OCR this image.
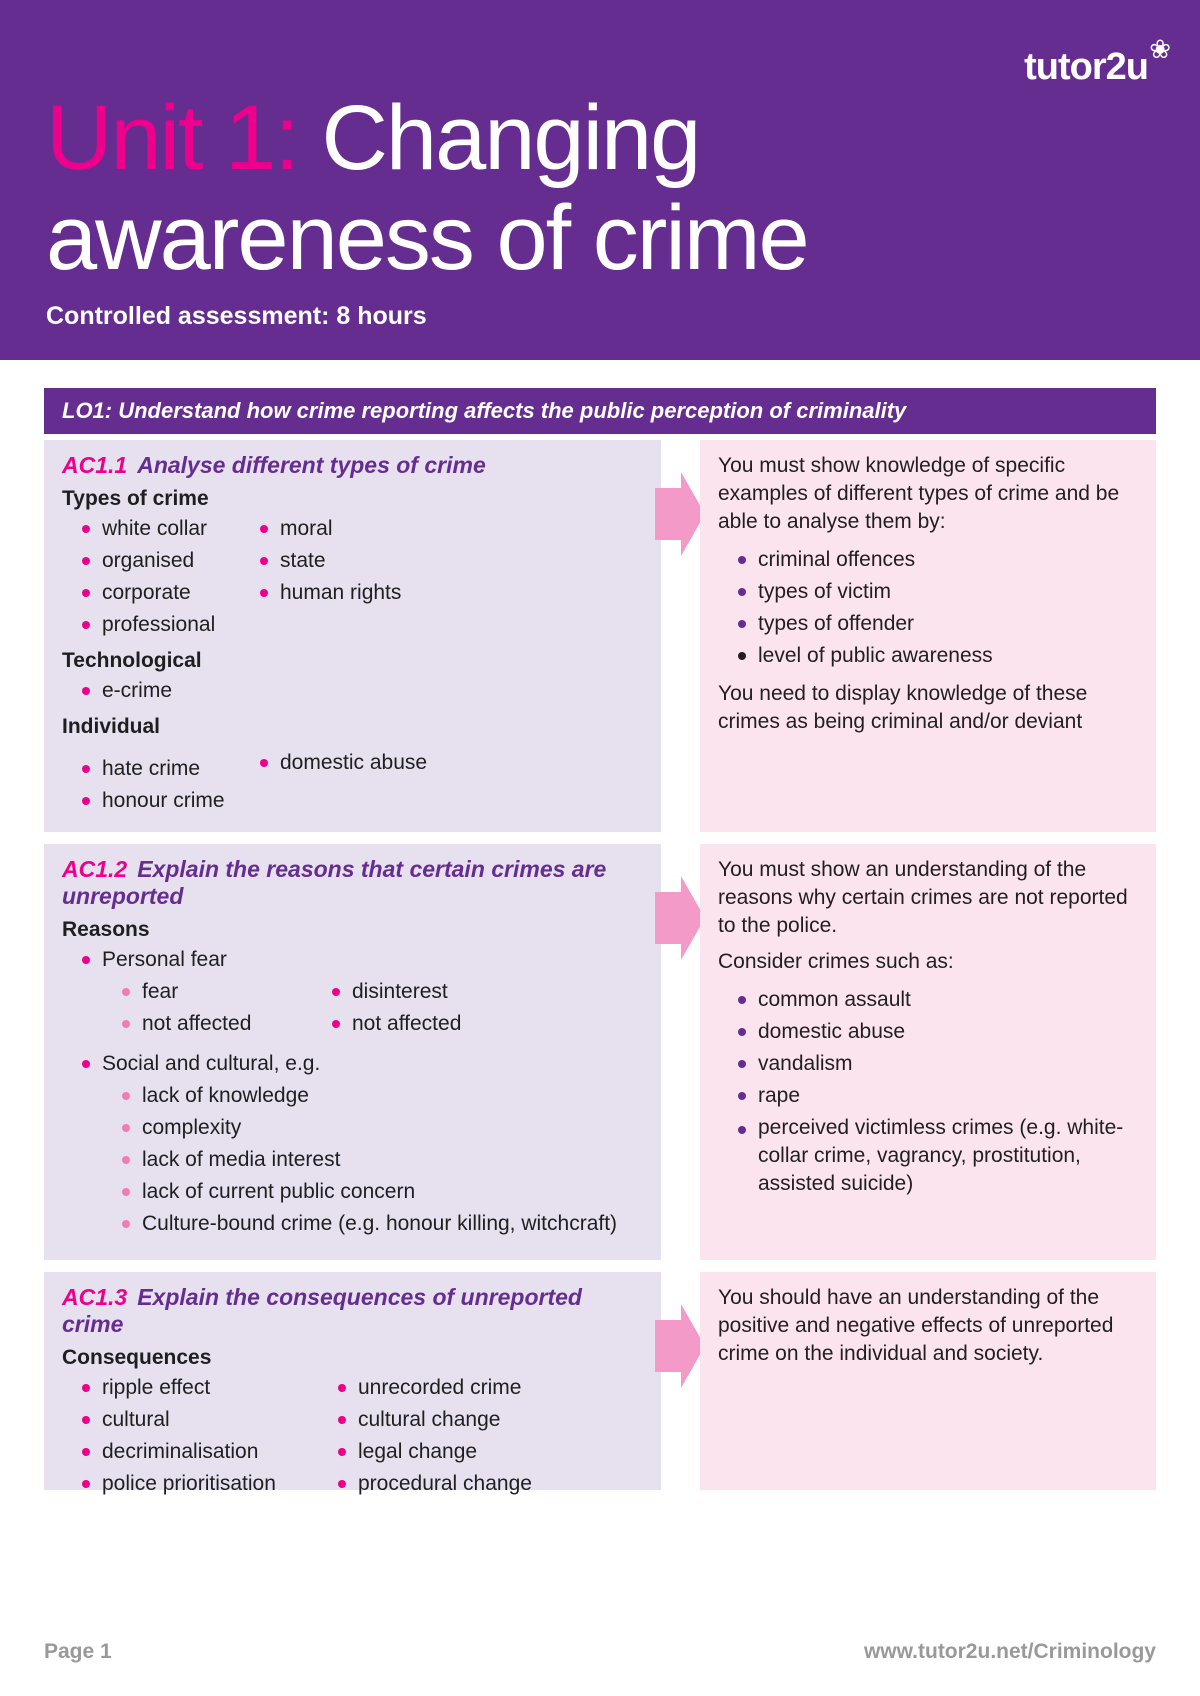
tutor2u ❀
Unit 1: Changing
awareness of crime
Controlled assessment: 8 hours
LO1: Understand how crime reporting affects the public perception of criminality
AC1.1 Analyse different types of crime
Types of crime
white collar
organised
corporate
professional
moral
state
human rights
Technological
e-crime
Individual
hate crime
honour crime
domestic abuse

You must show knowledge of specific examples of different types of crime and be able to analyse them by:

criminal offences
types of victim
types of offender
level of public awareness

You need to display knowledge of these crimes as being criminal and/or deviant

AC1.2 Explain the reasons that certain crimes are unreported
Reasons
Personal fear
fear
not affected
disinterest
not affected
Social and cultural, e.g.
lack of knowledge
complexity
lack of media interest
lack of current public concern
Culture-bound crime (e.g. honour killing, witchcraft)

You must show an understanding of the reasons why certain crimes are not reported to the police.

Consider crimes such as:

common assault
domestic abuse
vandalism
rape
perceived victimless crimes (e.g. white-collar crime, vagrancy, prostitution, assisted suicide)
AC1.3 Explain the consequences of unreported crime
Consequences
ripple effect
cultural
decriminalisation
police prioritisation
unrecorded crime
cultural change
legal change
procedural change

You should have an understanding of the positive and negative effects of unreported crime on the individual and society.

Page 1	www.tutor2u.net/Criminology
